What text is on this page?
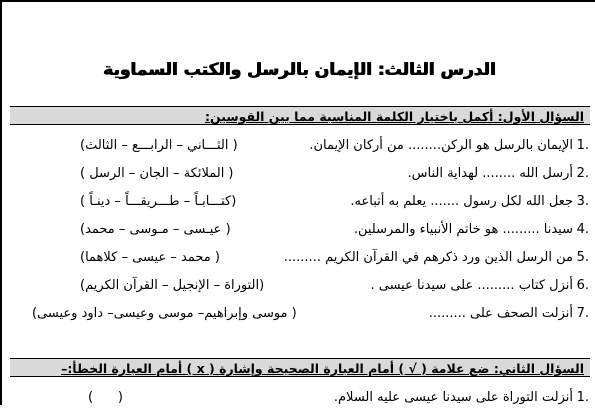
الدرس الثالث: الإيمان بالرسل والكتب السماوية
السؤال الأول: أكمل باختيار الكلمة المناسبة مما بين القوسين:
1.
الإيمان بالرسل هو الركن........ من أركان الإيمان.
( الثـــاني – الرابـــع – الثالث)
2.
أرسل الله ........ لهداية الناس.
( الملائكة – الجان – الرسل )
3.
جعل الله لكل رسول ....... يعلم به أتباعه.
(كتـــابـاً – طـــريقـــاً – دينـاً )
4.
سيدنا ......... هو خاتم الأنبياء والمرسلين.
( عيـسى – مـوسى – محمد)
5.
من الرسل الذين ورد ذكرهم في القرآن الكريم .........
( محمد – عيسى – كلاهما)
6.
أنزل كتاب ......... على سيدنا عيسى .
(التوراة – الإنجيل – القرآن الكريم)
7.
أنزلت الصحف على .........
( موسى وإبراهيم– موسى وعيسى– داود وعيسى)
السؤال الثاني: ضع علامة ( √ ) أمام العبارة الصحيحة وإشارة ( x ) أمام العبارة الخطأ:–
1.
أنزلت التوراة على سيدنا عيسى عليه السلام.
(      )
